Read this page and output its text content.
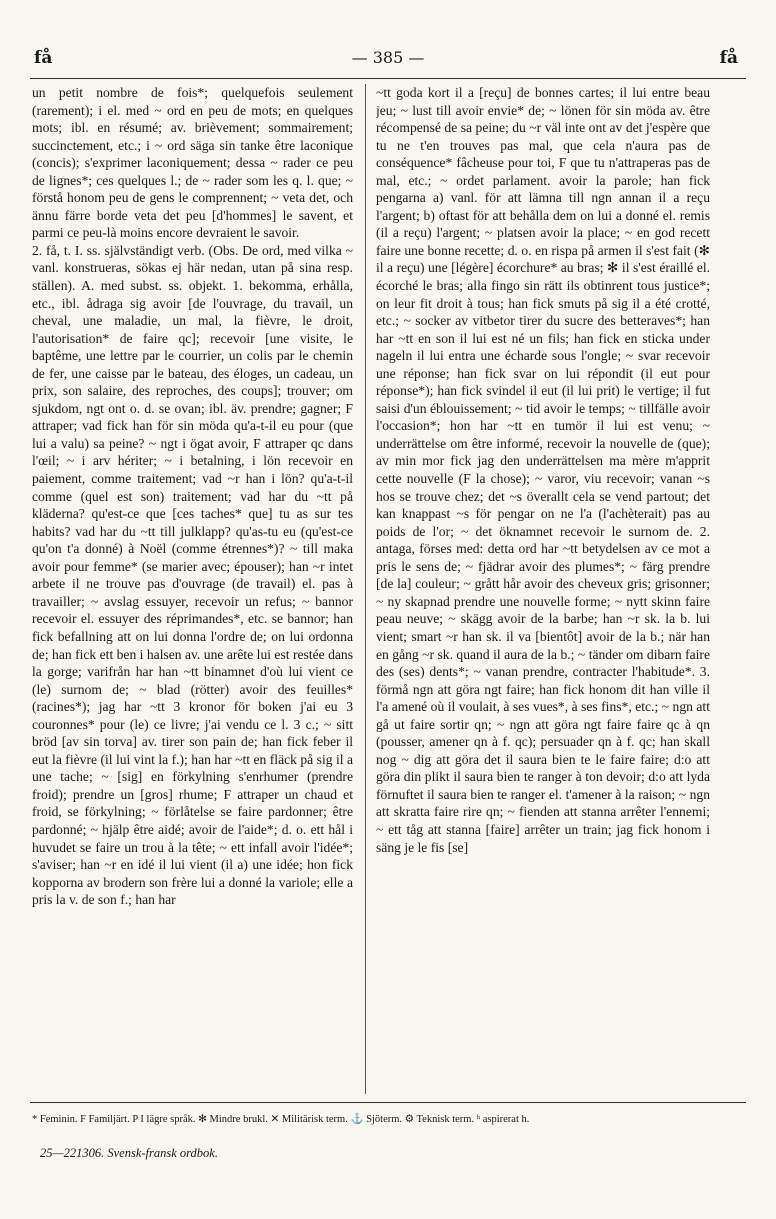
få	— 385 —	få

un petit nombre de fois*; quelquefois seulement (rarement); i el. med ~ ord en peu de mots; en quelques mots; ibl. en résumé; av. brièvement; sommairement; succinctement, etc.; i ~ ord säga sin tanke être laconique (concis); s'exprimer laconiquement; dessa ~ rader ce peu de lignes*; ces quelques l.; de ~ rader som les q. l. que; ~ förstå honom peu de gens le comprennent; ~ veta det, och ännu färre borde veta det peu [d'hommes] le savent, et parmi ce peu-là moins encore devraient le savoir.

2. få, t. I. ss. självständigt verb. (Obs. De ord, med vilka ~ vanl. konstrueras, sökas ej här nedan, utan på sina resp. ställen). A. med subst. ss. objekt. 1. bekomma, erhålla, etc., ibl. ådraga sig avoir [de l'ouvrage, du travail, un cheval, une maladie, un mal, la fièvre, le droit, l'autorisation* de faire qc]; recevoir [une visite, le baptême, une lettre par le courrier, un colis par le chemin de fer, une caisse par le bateau, des éloges, un cadeau, un prix, son salaire, des reproches, des coups]; trouver; om sjukdom, ngt ont o. d. se ovan; ibl. äv. prendre; gagner; F attraper; vad fick han för sin möda qu'a-t-il eu pour (que lui a valu) sa peine? ~ ngt i ögat avoir, F attraper qc dans l'œil; ~ i arv hériter; ~ i betalning, i lön recevoir en paiement, comme traitement; vad ~r han i lön? qu'a-t-il comme (quel est son) traitement; vad har du ~tt på kläderna? qu'est-ce que [ces taches* que] tu as sur tes habits? vad har du ~tt till julklapp? qu'as-tu eu (qu'est-ce qu'on t'a donné) à Noël (comme étrennes*)? ~ till maka avoir pour femme* (se marier avec; épouser); han ~r intet arbete il ne trouve pas d'ouvrage (de travail) el. pas à travailler; ~ avslag essuyer, recevoir un refus; ~ bannor recevoir el. essuyer des réprimandes*, etc. se bannor; han fick befallning att on lui donna l'ordre de; on lui ordonna de; han fick ett ben i halsen av. une arête lui est restée dans la gorge; varifrån har han ~tt binamnet d'où lui vient ce (le) surnom de; ~ blad (rötter) avoir des feuilles* (racines*); jag har ~tt 3 kronor för boken j'ai eu 3 couronnes* pour (le) ce livre; j'ai vendu ce l. 3 c.; ~ sitt bröd [av sin torva] av. tirer son pain de; han fick feber il eut la fièvre (il lui vint la f.); han har ~tt en fläck på sig il a une tache; ~ [sig] en förkylning s'enrhumer (prendre froid); prendre un [gros] rhume; F attraper un chaud et froid, se förkylning; ~ förlåtelse se faire pardonner; être pardonné; ~ hjälp être aidé; avoir de l'aide*; d. o. ett hål i huvudet se faire un trou à la tête; ~ ett infall avoir l'idée*; s'aviser; han ~r en idé il lui vient (il a) une idée; hon fick kopporna av brodern son frère lui a donné la variole; elle a pris la v. de son f.; han har

~tt goda kort il a [reçu] de bonnes cartes; il lui entre beau jeu; ~ lust till avoir envie* de; ~ lönen för sin möda av. être récompensé de sa peine; du ~r väl inte ont av det j'espère que tu ne t'en trouves pas mal, que cela n'aura pas de conséquence* fâcheuse pour toi, F que tu n'attraperas pas de mal, etc.; ~ ordet parlament. avoir la parole; han fick pengarna a) vanl. för att lämna till ngn annan il a reçu l'argent; b) oftast för att behålla dem on lui a donné el. remis (il a reçu) l'argent; ~ platsen avoir la place; ~ en god recett faire une bonne recette; d. o. en rispa på armen il s'est fait (✻ il a reçu) une [légère] écorchure* au bras; ✻ il s'est éraillé el. écorché le bras; alla fingo sin rätt ils obtinrent tous justice*; on leur fit droit à tous; han fick smuts på sig il a été crotté, etc.; ~ socker av vitbetor tirer du sucre des betteraves*; han har ~tt en son il lui est né un fils; han fick en sticka under nageln il lui entra une écharde sous l'ongle; ~ svar recevoir une réponse; han fick svar on lui répondit (il eut pour réponse*); han fick svindel il eut (il lui prit) le vertige; il fut saisi d'un éblouissement; ~ tid avoir le temps; ~ tillfälle avoir l'occasion*; hon har ~tt en tumör il lui est venu; ~ underrättelse om être informé, recevoir la nouvelle de (que); av min mor fick jag den underrättelsen ma mère m'apprit cette nouvelle (F la chose); ~ varor, viu recevoir; vanan ~s hos se trouve chez; det ~s överallt cela se vend partout; det kan knappast ~s för pengar on ne l'a (l'achèterait) pas au poids de l'or; ~ det öknamnet recevoir le surnom de. 2. antaga, förses med: detta ord har ~tt betydelsen av ce mot a pris le sens de; ~ fjädrar avoir des plumes*; ~ färg prendre [de la] couleur; ~ grått hår avoir des cheveux gris; grisonner; ~ ny skapnad prendre une nouvelle forme; ~ nytt skinn faire peau neuve; ~ skägg avoir de la barbe; han ~r sk. la b. lui vient; smart ~r han sk. il va [bientôt] avoir de la b.; när han en gång ~r sk. quand il aura de la b.; ~ tänder om dibarn faire des (ses) dents*; ~ vanan prendre, contracter l'habitude*. 3. förmå ngn att göra ngt faire; han fick honom dit han ville il l'a amené où il voulait, à ses vues*, à ses fins*, etc.; ~ ngn att gå ut faire sortir qn; ~ ngn att göra ngt faire faire qc à qn (pousser, amener qn à f. qc); persuader qn à f. qc; han skall nog ~ dig att göra det il saura bien te le faire faire; d:o att göra din plikt il saura bien te ranger à ton devoir; d:o att lyda förnuftet il saura bien te ranger el. t'amener à la raison; ~ ngn att skratta faire rire qn; ~ fienden att stanna arrêter l'ennemi; ~ ett tåg att stanna [faire] arrêter un train; jag fick honom i säng je le fis [se]

* Feminin. F Familjärt. P I lägre språk. ✻ Mindre brukl. ✕ Militärisk term. ⚓ Sjöterm. ⚙ Teknisk term. ʰ aspirerat h.
25—221306. Svensk-fransk ordbok.
